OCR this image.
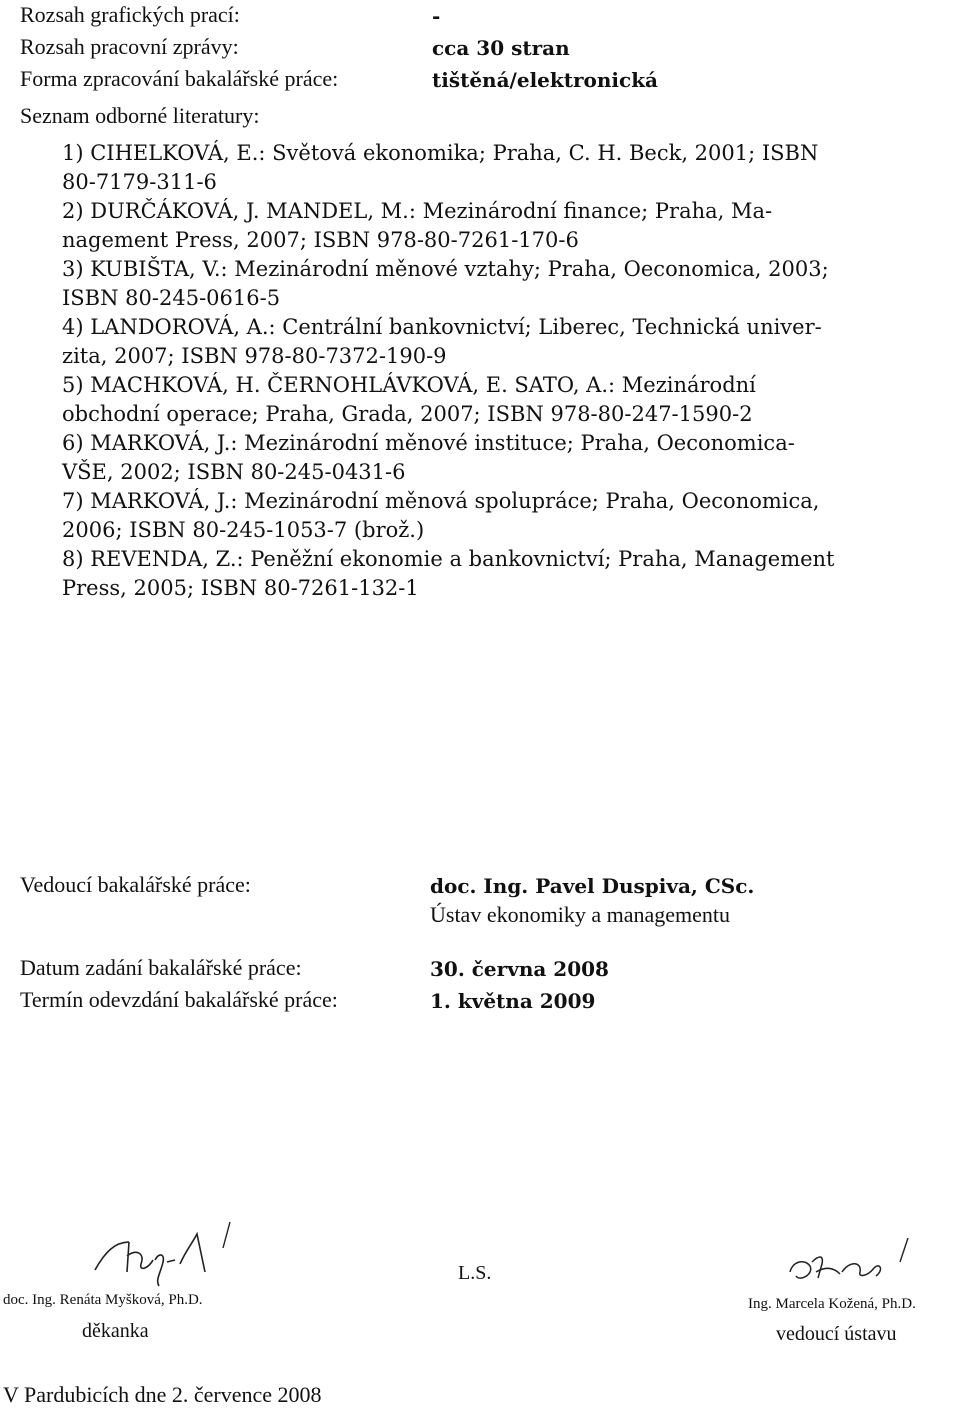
Rozsah grafických prací:	-
Rozsah pracovní zprávy:	cca 30 stran
Forma zpracování bakalářské práce:	tištěná/elektronická
Seznam odborné literatury:
1) CIHELKOVÁ, E.: Světová ekonomika; Praha, C. H. Beck, 2001; ISBN
80-7179-311-6
2) DURČÁKOVÁ, J. MANDEL, M.: Mezinárodní finance; Praha, Ma-
nagement Press, 2007; ISBN 978-80-7261-170-6
3) KUBIŠTA, V.: Mezinárodní měnové vztahy; Praha, Oeconomica, 2003;
ISBN 80-245-0616-5
4) LANDOROVÁ, A.: Centrální bankovnictví; Liberec, Technická univer-
zita, 2007; ISBN 978-80-7372-190-9
5) MACHKOVÁ, H. ČERNOHLÁVKOVÁ, E. SATO, A.: Mezinárodní
obchodní operace; Praha, Grada, 2007; ISBN 978-80-247-1590-2
6) MARKOVÁ, J.: Mezinárodní měnové instituce; Praha, Oeconomica-
VŠE, 2002; ISBN 80-245-0431-6
7) MARKOVÁ, J.: Mezinárodní měnová spolupráce; Praha, Oeconomica,
2006; ISBN 80-245-1053-7 (brož.)
8) REVENDA, Z.: Peněžní ekonomie a bankovnictví; Praha, Management
Press, 2005; ISBN 80-7261-132-1
Vedoucí bakalářské práce:	doc. Ing. Pavel Duspiva, CSc.
Ústav ekonomiky a managementu
Datum zadání bakalářské práce:	30. června 2008
Termín odevzdání bakalářské práce:	1. května 2009
doc. Ing. Renáta Myšková, Ph.D.
děkanka
L.S.
Ing. Marcela Kožená, Ph.D.
vedoucí ústavu
V Pardubicích dne 2. července 2008
